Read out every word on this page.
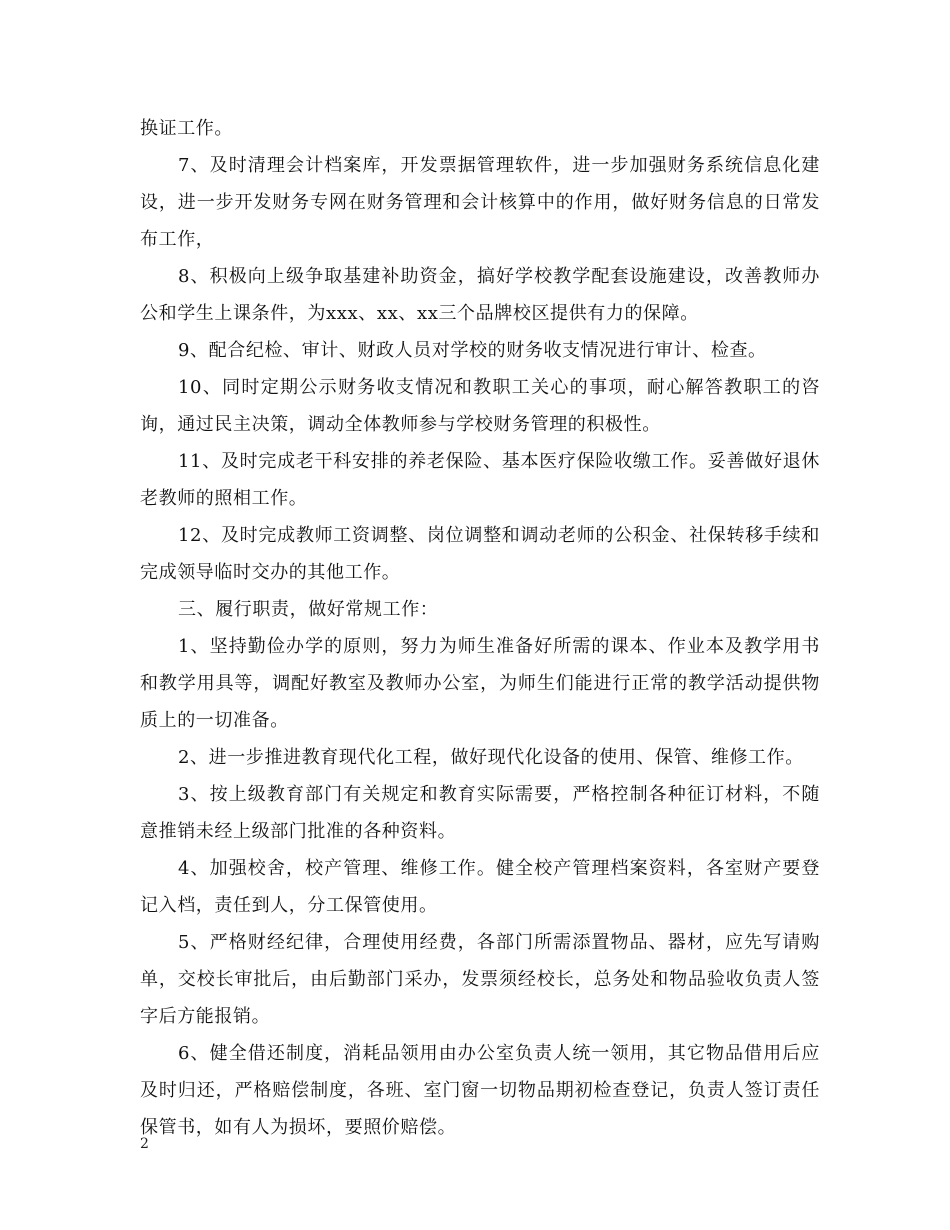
换证工作。

7、及时清理会计档案库，开发票据管理软件，进一步加强财务系统信息化建设，进一步开发财务专网在财务管理和会计核算中的作用，做好财务信息的日常发布工作，

8、积极向上级争取基建补助资金，搞好学校教学配套设施建设，改善教师办公和学生上课条件，为xxx、xx、xx三个品牌校区提供有力的保障。

9、配合纪检、审计、财政人员对学校的财务收支情况进行审计、检查。

10、同时定期公示财务收支情况和教职工关心的事项，耐心解答教职工的咨询，通过民主决策，调动全体教师参与学校财务管理的积极性。

11、及时完成老干科安排的养老保险、基本医疗保险收缴工作。妥善做好退休老教师的照相工作。

12、及时完成教师工资调整、岗位调整和调动老师的公积金、社保转移手续和完成领导临时交办的其他工作。

三、履行职责，做好常规工作：

1、坚持勤俭办学的原则，努力为师生准备好所需的课本、作业本及教学用书和教学用具等，调配好教室及教师办公室，为师生们能进行正常的教学活动提供物质上的一切准备。

2、进一步推进教育现代化工程，做好现代化设备的使用、保管、维修工作。

3、按上级教育部门有关规定和教育实际需要，严格控制各种征订材料，不随意推销未经上级部门批准的各种资料。

4、加强校舍，校产管理、维修工作。健全校产管理档案资料，各室财产要登记入档，责任到人，分工保管使用。

5、严格财经纪律，合理使用经费，各部门所需添置物品、器材，应先写请购单，交校长审批后，由后勤部门采办，发票须经校长，总务处和物品验收负责人签字后方能报销。

6、健全借还制度，消耗品领用由办公室负责人统一领用，其它物品借用后应及时归还，严格赔偿制度，各班、室门窗一切物品期初检查登记，负责人签订责任保管书，如有人为损坏，要照价赔偿。

2
